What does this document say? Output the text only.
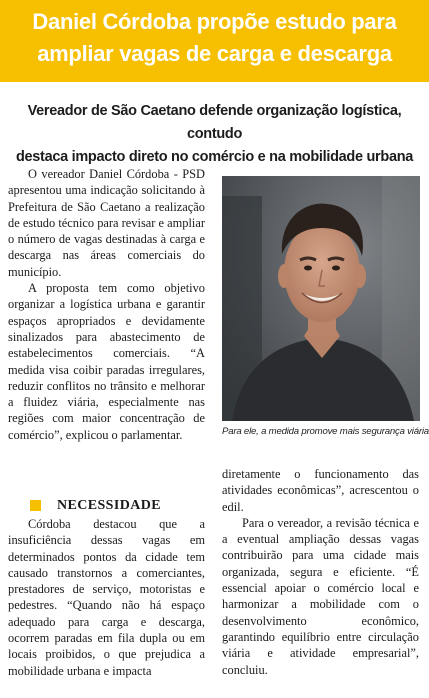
Daniel Córdoba propõe estudo para
ampliar vagas de carga e descarga
Vereador de São Caetano defende organização logística, contudo
destaca impacto direto no comércio e na mobilidade urbana

O vereador Daniel Córdoba - PSD apresentou uma indicação solicitando à Prefeitura de São Caetano a realização de estudo técnico para revisar e ampliar o número de vagas destinadas à carga e descarga nas áreas comerciais do município.

A proposta tem como objetivo organizar a logística urbana e garantir espaços apropriados e devidamente sinalizados para abastecimento de estabelecimentos comerciais. “A medida visa coibir paradas irregulares, reduzir conflitos no trânsito e melhorar a fluidez viária, especialmente nas regiões com maior concentração de comércio”, explicou o parlamentar.	Para ele, a medida promove mais segurança viária
NECESSIDADE

Córdoba destacou que a insuficiência dessas vagas em determinados pontos da cidade tem causado transtornos a comerciantes, prestadores de serviço, motoristas e pedestres. “Quando não há espaço adequado para carga e descarga, ocorrem paradas em fila dupla ou em locais proibidos, o que prejudica a mobilidade urbana e impacta

diretamente o funcionamento das atividades econômicas”, acrescentou o edil.

Para o vereador, a revisão técnica e a eventual ampliação dessas vagas contribuirão para uma cidade mais organizada, segura e eficiente. “É essencial apoiar o comércio local e harmonizar a mobilidade com o desenvolvimento econômico, garantindo equilíbrio entre circulação viária e atividade empresarial”, concluiu.
